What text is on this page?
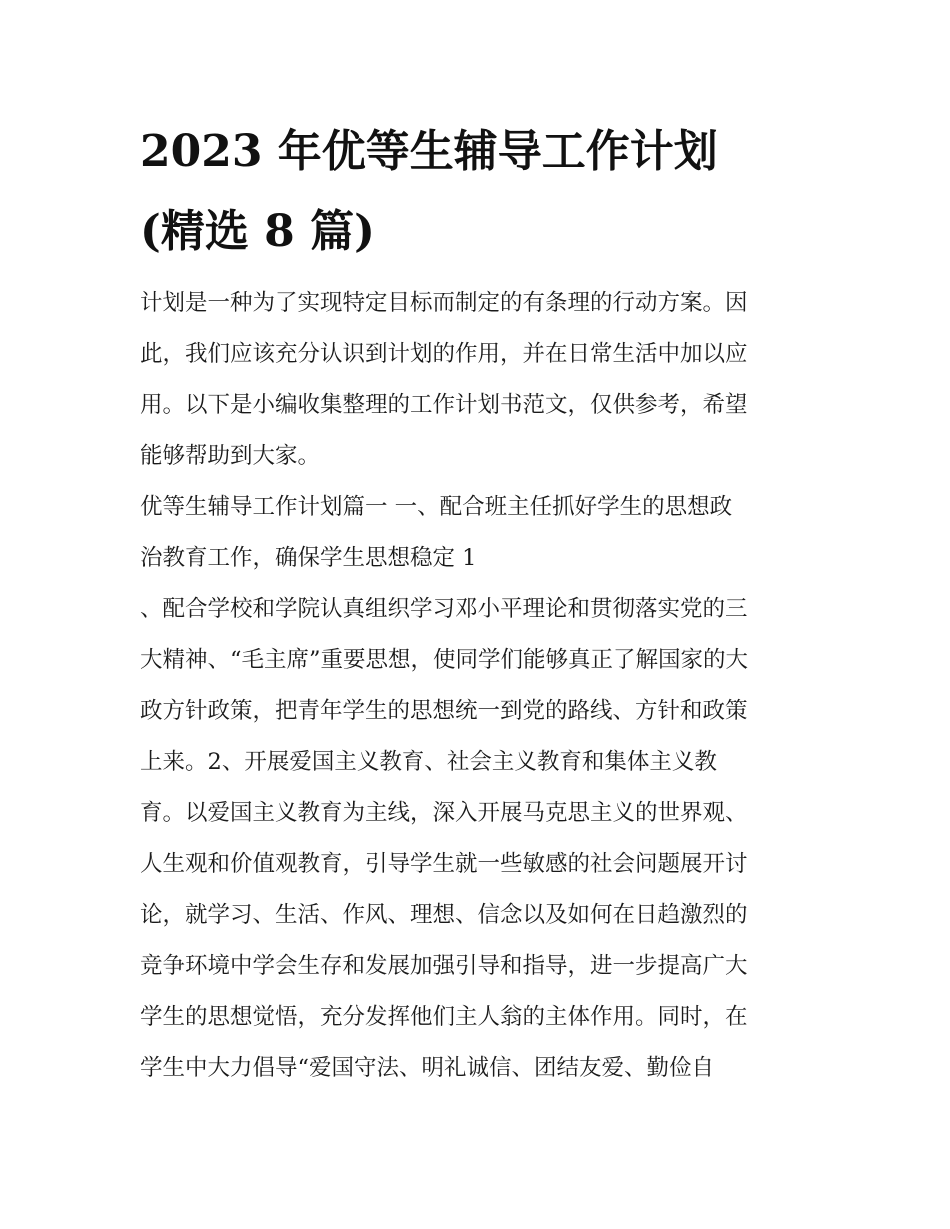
2023 年优等生辅导工作计划
(精选 8 篇)
计划是一种为了实现特定目标而制定的有条理的行动方案。因
此，我们应该充分认识到计划的作用，并在日常生活中加以应
用。以下是小编收集整理的工作计划书范文，仅供参考，希望
能够帮助到大家。
优等生辅导工作计划篇一 一、配合班主任抓好学生的思想政
治教育工作，确保学生思想稳定 1
、配合学校和学院认真组织学习邓小平理论和贯彻落实党的三
大精神、“毛主席”重要思想，使同学们能够真正了解国家的大
政方针政策，把青年学生的思想统一到党的路线、方针和政策
上来。2、开展爱国主义教育、社会主义教育和集体主义教
育。以爱国主义教育为主线，深入开展马克思主义的世界观、
人生观和价值观教育，引导学生就一些敏感的社会问题展开讨
论，就学习、生活、作风、理想、信念以及如何在日趋激烈的
竞争环境中学会生存和发展加强引导和指导，进一步提高广大
学生的思想觉悟，充分发挥他们主人翁的主体作用。同时，在
学生中大力倡导“爱国守法、明礼诚信、团结友爱、勤俭自
